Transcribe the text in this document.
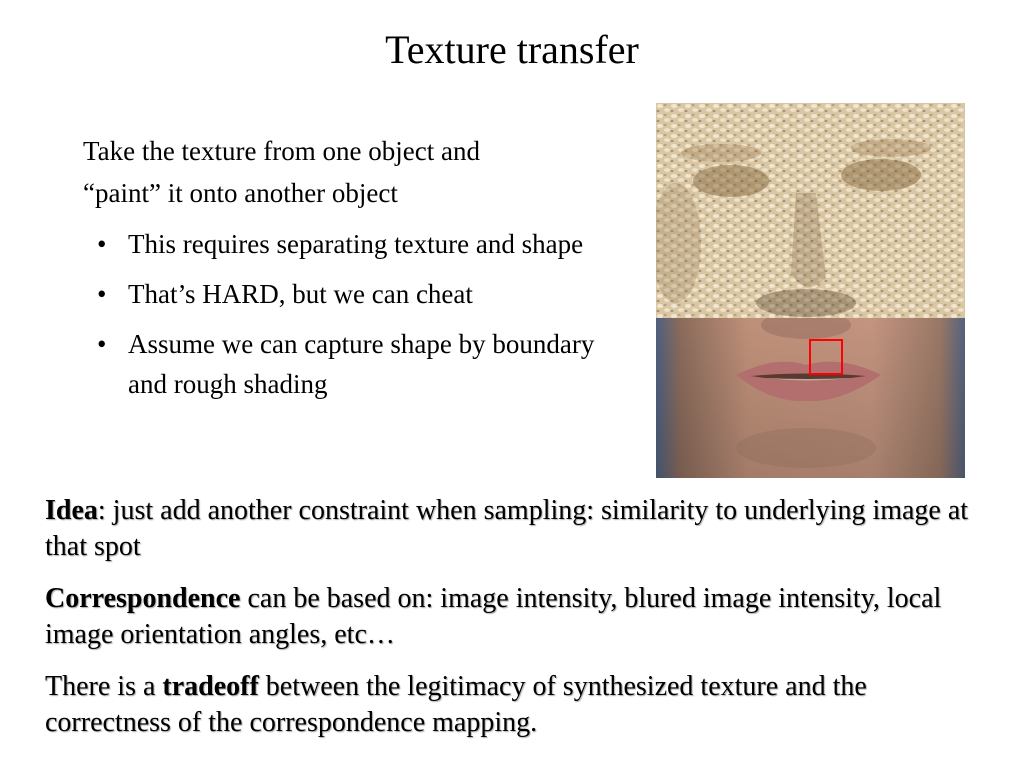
Texture transfer
Take the texture from one object and
“paint” it onto another object
• This requires separating texture and shape
• That’s HARD, but we can cheat
• Assume we can capture shape by boundary and rough shading

Idea: just add another constraint when sampling: similarity to underlying image at that spot

Correspondence can be based on: image intensity, blured image intensity, local image orientation angles, etc…

There is a tradeoff between the legitimacy of synthesized texture and the correctness of the correspondence mapping.
